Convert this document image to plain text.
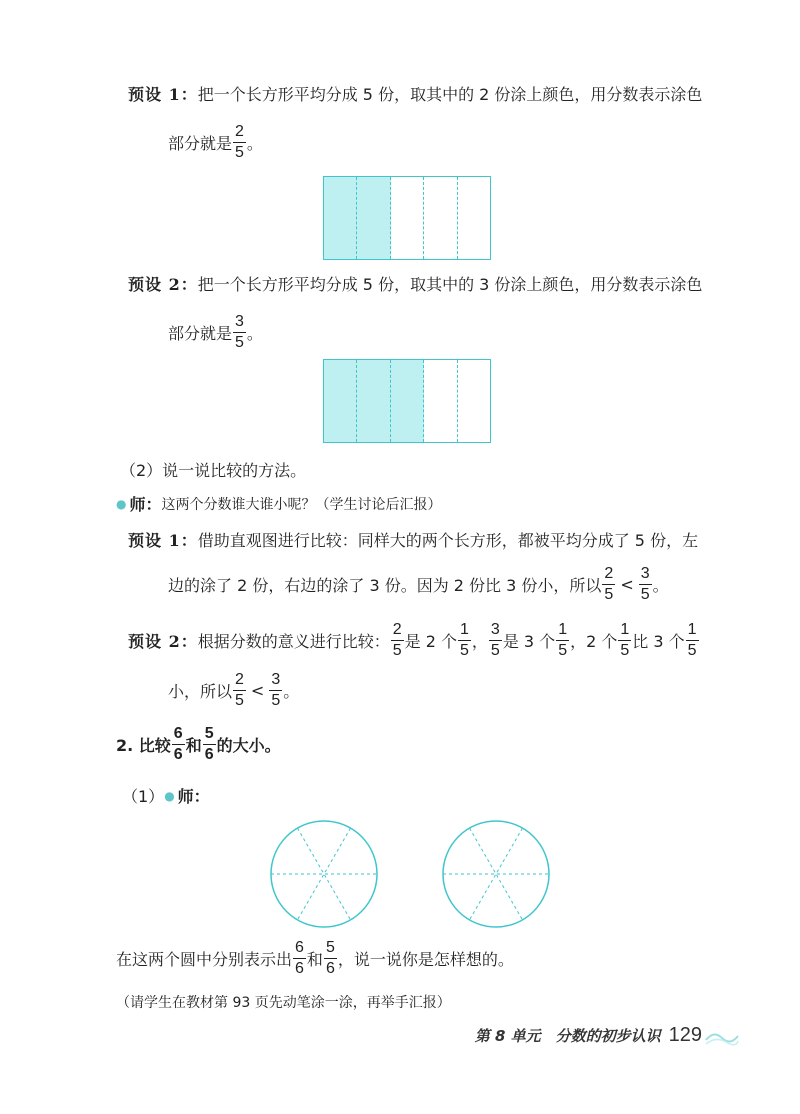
预设 1： 把一个长方形平均分成 5 份，取其中的 2 份涂上颜色，用分数表示涂色
部分就是 $\frac{2}{5}$ 。
预设 2： 把一个长方形平均分成 5 份，取其中的 3 份涂上颜色，用分数表示涂色
部分就是 $\frac{3}{5}$ 。
（2）说一说比较的方法。
● 师： 这两个分数谁大谁小呢？（学生讨论后汇报）
预设 1： 借助直观图进行比较：同样大的两个长方形，都被平均分成了 5 份，左
边的涂了 2 份，右边的涂了 3 份。因为 2 份比 3 份小，所以 $\frac{2}{5} < \frac{3}{5}$ 。
预设 2： 根据分数的意义进行比较： $\frac{2}{5}$ 是 2 个 $\frac{1}{5}$ ， $\frac{3}{5}$ 是 3 个 $\frac{1}{5}$ ，2 个 $\frac{1}{5}$ 比 3 个 $\frac{1}{5}$
小，所以 $\frac{2}{5} < \frac{3}{5}$ 。
2. 比较 $\frac{6}{6}$ 和 $\frac{5}{6}$ 的大小。
（1） ● 师：
在这两个圆中分别表示出 $\frac{6}{6}$ 和 $\frac{5}{6}$ ，说一说你是怎样想的。
（请学生在教材第 93 页先动笔涂一涂，再举手汇报）
第 8 单元　分数的初步认识 129
